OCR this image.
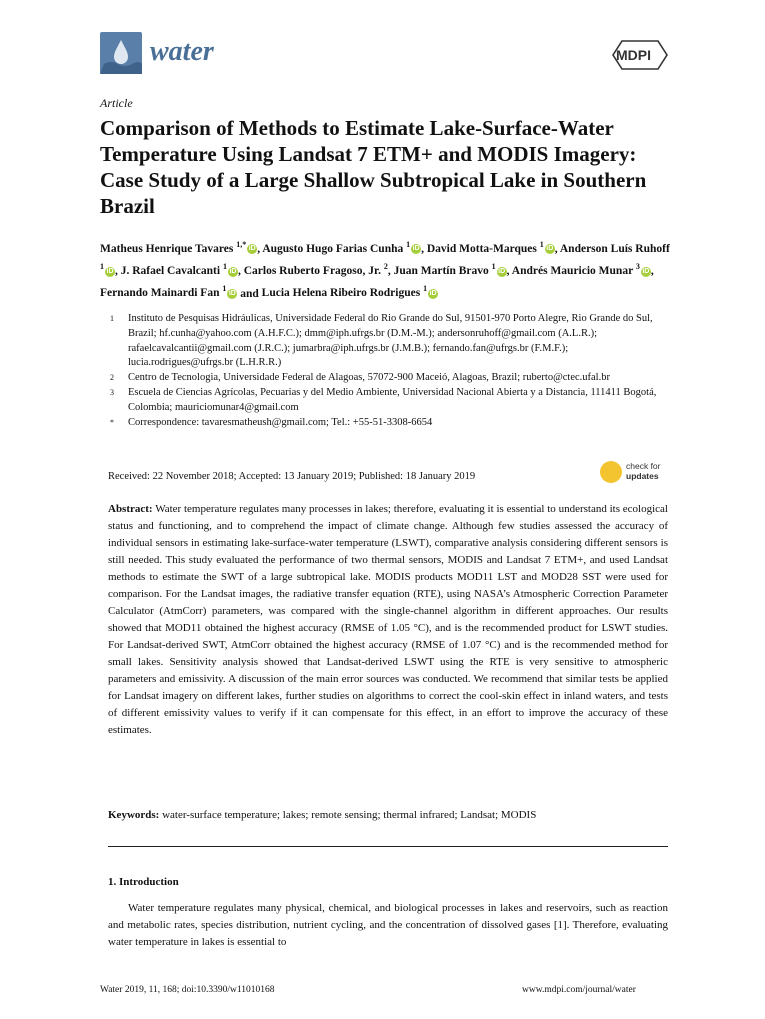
water	MDPI
Article
Comparison of Methods to Estimate Lake-Surface-Water Temperature Using Landsat 7 ETM+ and MODIS Imagery: Case Study of a Large Shallow Subtropical Lake in Southern Brazil
Matheus Henrique Tavares $^{1,*}$ iD , Augusto Hugo Farias Cunha $^1$ iD , David Motta-Marques $^1$ iD , Anderson Luís Ruhoff $^1$ iD , J. Rafael Cavalcanti $^1$ iD , Carlos Ruberto Fragoso, Jr. $^2$, Juan Martín Bravo $^1$ iD , Andrés Mauricio Munar $^3$ iD , Fernando Mainardi Fan $^1$ iD and Lucia Helena Ribeiro Rodrigues $^1$ iD
1	Instituto de Pesquisas Hidráulicas, Universidade Federal do Rio Grande do Sul, 91501-970 Porto Alegre, Rio Grande do Sul, Brazil; hf.cunha@yahoo.com (A.H.F.C.); dmm@iph.ufrgs.br (D.M.-M.); andersonruhoff@gmail.com (A.L.R.); rafaelcavalcantii@gmail.com (J.R.C.); jumarbra@iph.ufrgs.br (J.M.B.); fernando.fan@ufrgs.br (F.M.F.); lucia.rodrigues@ufrgs.br (L.H.R.R.)
2	Centro de Tecnologia, Universidade Federal de Alagoas, 57072-900 Maceió, Alagoas, Brazil; ruberto@ctec.ufal.br
3	Escuela de Ciencias Agrícolas, Pecuarias y del Medio Ambiente, Universidad Nacional Abierta y a Distancia, 111411 Bogotá, Colombia; mauriciomunar4@gmail.com
*	Correspondence: tavaresmatheush@gmail.com; Tel.: +55-51-3308-6654
Received: 22 November 2018; Accepted: 13 January 2019; Published: 18 January 2019
check for
updates
Abstract: Water temperature regulates many processes in lakes; therefore, evaluating it is essential to understand its ecological status and functioning, and to comprehend the impact of climate change. Although few studies assessed the accuracy of individual sensors in estimating lake-surface-water temperature (LSWT), comparative analysis considering different sensors is still needed. This study evaluated the performance of two thermal sensors, MODIS and Landsat 7 ETM+, and used Landsat methods to estimate the SWT of a large subtropical lake. MODIS products MOD11 LST and MOD28 SST were used for comparison. For the Landsat images, the radiative transfer equation (RTE), using NASA’s Atmospheric Correction Parameter Calculator (AtmCorr) parameters, was compared with the single-channel algorithm in different approaches. Our results showed that MOD11 obtained the highest accuracy (RMSE of 1.05 °C), and is the recommended product for LSWT studies. For Landsat-derived SWT, AtmCorr obtained the highest accuracy (RMSE of 1.07 °C) and is the recommended method for small lakes. Sensitivity analysis showed that Landsat-derived LSWT using the RTE is very sensitive to atmospheric parameters and emissivity. A discussion of the main error sources was conducted. We recommend that similar tests be applied for Landsat imagery on different lakes, further studies on algorithms to correct the cool-skin effect in inland waters, and tests of different emissivity values to verify if it can compensate for this effect, in an effort to improve the accuracy of these estimates.
Keywords: water-surface temperature; lakes; remote sensing; thermal infrared; Landsat; MODIS
1. Introduction
Water temperature regulates many physical, chemical, and biological processes in lakes and reservoirs, such as reaction and metabolic rates, species distribution, nutrient cycling, and the concentration of dissolved gases [1]. Therefore, evaluating water temperature in lakes is essential to
Water 2019, 11, 168; doi:10.3390/w11010168	www.mdpi.com/journal/water
